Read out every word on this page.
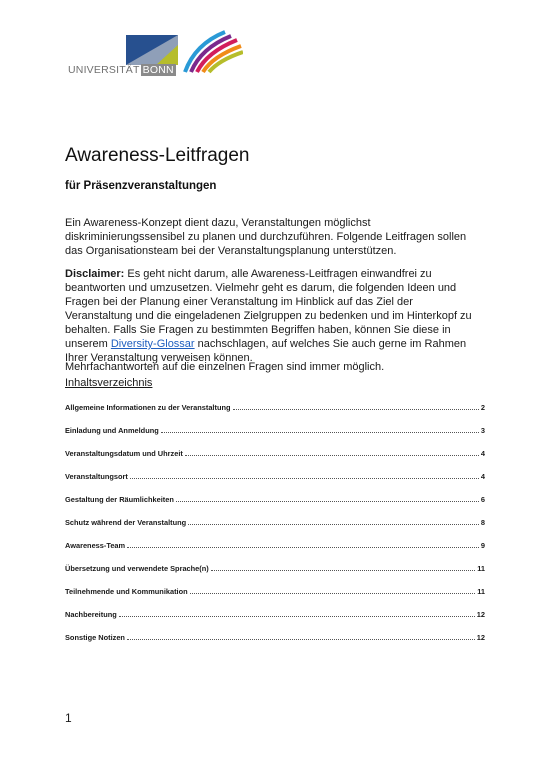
UNIVERSITÄT BONN
Awareness-Leitfragen
für Präsenzveranstaltungen

Ein Awareness-Konzept dient dazu, Veranstaltungen möglichst diskriminierungssensibel zu planen und durchzuführen. Folgende Leitfragen sollen das Organisationsteam bei der Veranstaltungsplanung unterstützen.

Disclaimer: Es geht nicht darum, alle Awareness-Leitfragen einwandfrei zu beantworten und umzusetzen. Vielmehr geht es darum, die folgenden Ideen und Fragen bei der Planung einer Veranstaltung im Hinblick auf das Ziel der Veranstaltung und die eingeladenen Zielgruppen zu bedenken und im Hinterkopf zu behalten. Falls Sie Fragen zu bestimmten Begriffen haben, können Sie diese in unserem Diversity-Glossar nachschlagen, auf welches Sie auch gerne im Rahmen Ihrer Veranstaltung verweisen können.

Mehrfachantworten auf die einzelnen Fragen sind immer möglich.

Inhaltsverzeichnis
Allgemeine Informationen zu der Veranstaltung	2
Einladung und Anmeldung	3
Veranstaltungsdatum und Uhrzeit	4
Veranstaltungsort	4
Gestaltung der Räumlichkeiten	6
Schutz während der Veranstaltung	8
Awareness-Team	9
Übersetzung und verwendete Sprache(n)	11
Teilnehmende und Kommunikation	11
Nachbereitung	12
Sonstige Notizen	12
1
